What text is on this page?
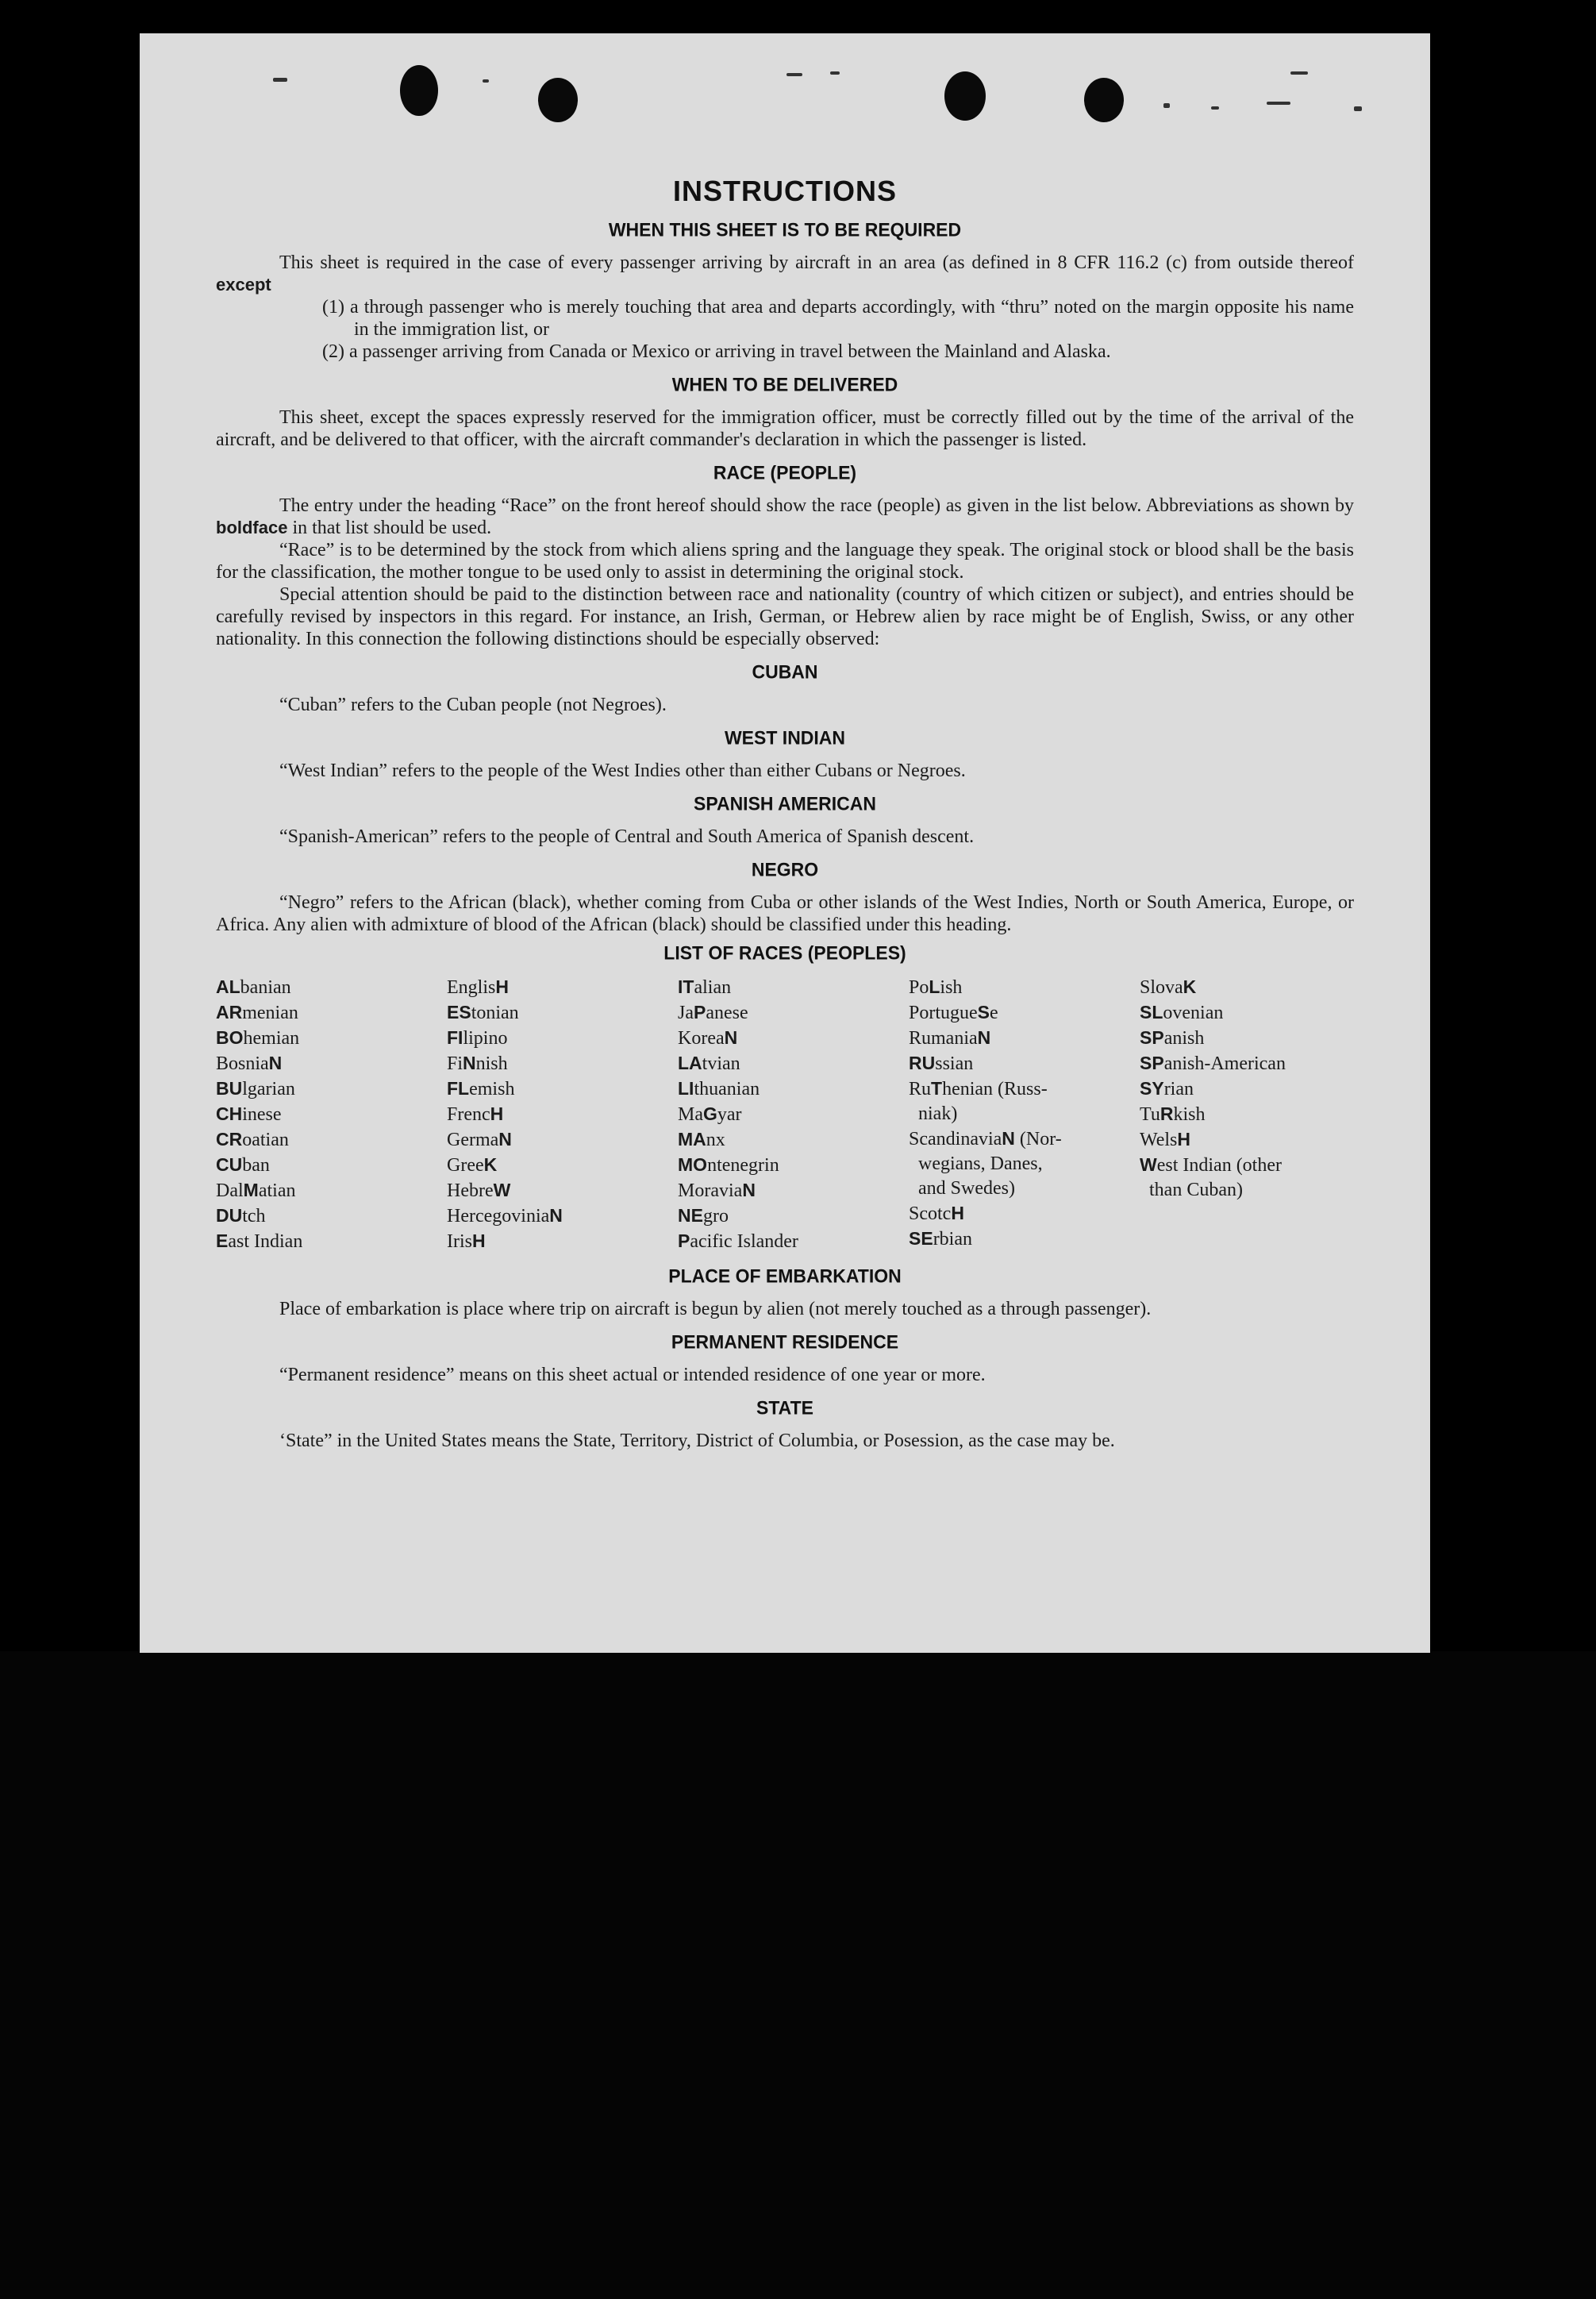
INSTRUCTIONS
WHEN THIS SHEET IS TO BE REQUIRED

This sheet is required in the case of every passenger arriving by aircraft in an area (as defined in 8 CFR 116.2 (c) from outside thereof except

(1) a through passenger who is merely touching that area and departs accordingly, with “thru” noted on the margin opposite his name in the immigration list, or
(2) a passenger arriving from Canada or Mexico or arriving in travel between the Mainland and Alaska.
WHEN TO BE DELIVERED

This sheet, except the spaces expressly reserved for the immigration officer, must be correctly filled out by the time of the arrival of the aircraft, and be delivered to that officer, with the aircraft commander's declaration in which the passenger is listed.

RACE (PEOPLE)

The entry under the heading “Race” on the front hereof should show the race (people) as given in the list below. Abbreviations as shown by boldface in that list should be used.

“Race” is to be determined by the stock from which aliens spring and the language they speak. The original stock or blood shall be the basis for the classification, the mother tongue to be used only to assist in determining the original stock.

Special attention should be paid to the distinction between race and nationality (country of which citizen or subject), and entries should be carefully revised by inspectors in this regard. For instance, an Irish, German, or Hebrew alien by race might be of English, Swiss, or any other nationality. In this connection the following distinctions should be especially observed:

CUBAN

“Cuban” refers to the Cuban people (not Negroes).

WEST INDIAN

“West Indian” refers to the people of the West Indies other than either Cubans or Negroes.

SPANISH AMERICAN

“Spanish-American” refers to the people of Central and South America of Spanish descent.

NEGRO

“Negro” refers to the African (black), whether coming from Cuba or other islands of the West Indies, North or South America, Europe, or Africa. Any alien with admixture of blood of the African (black) should be classified under this heading.

LIST OF RACES (PEOPLES)
ALbanian
ARmenian
BOhemian
BosniaN
BUlgarian
CHinese
CRoatian
CUban
DalMatian
DUtch
East Indian
EnglisH
EStonian
FIlipino
FiNnish
FLemish
FrencH
GermaN
GreeK
HebreW
HercegoviniaN
IrisH
ITalian
JaPanese
KoreaN
LAtvian
LIthuanian
MaGyar
MAnx
MOntenegrin
MoraviaN
NEgro
Pacific Islander
PoLish
PortugueSe
RumaniaN
RUssian
RuThenian (Russ-
niak)
ScandinaviaN (Nor-
wegians, Danes,
and Swedes)
ScotcH
SErbian
SlovaK
SLovenian
SPanish
SPanish-American
SYrian
TuRkish
WelsH
West Indian (other
than Cuban)
PLACE OF EMBARKATION

Place of embarkation is place where trip on aircraft is begun by alien (not merely touched as a through passenger).

PERMANENT RESIDENCE

“Permanent residence” means on this sheet actual or intended residence of one year or more.

STATE

‘State” in the United States means the State, Territory, District of Columbia, or Posession, as the case may be.
